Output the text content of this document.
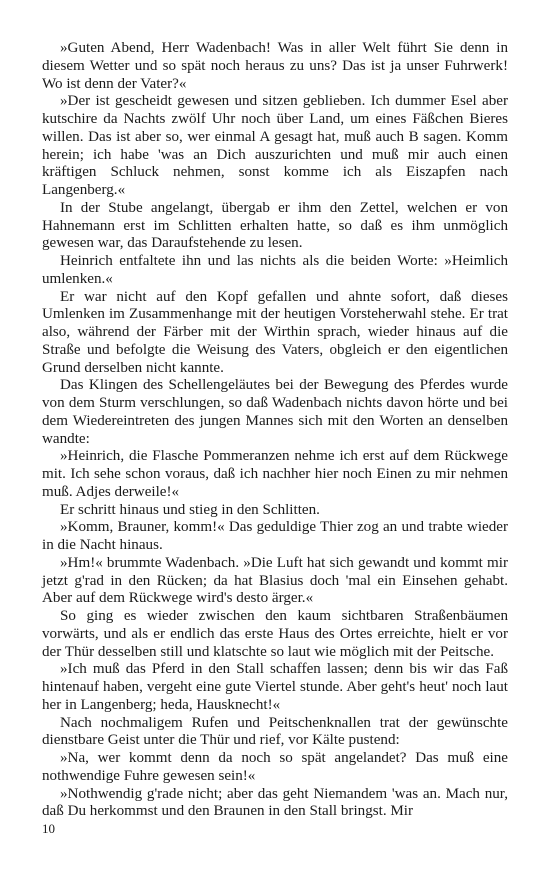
»Guten Abend, Herr Wadenbach! Was in aller Welt führt Sie denn in diesem Wetter und so spät noch heraus zu uns? Das ist ja unser Fuhrwerk! Wo ist denn der Vater?«

»Der ist gescheidt gewesen und sitzen geblieben. Ich dummer Esel aber kutschire da Nachts zwölf Uhr noch über Land, um eines Fäßchen Bieres willen. Das ist aber so, wer einmal A gesagt hat, muß auch B sagen. Komm herein; ich habe 'was an Dich auszurichten und muß mir auch einen kräftigen Schluck nehmen, sonst komme ich als Eiszapfen nach Langenberg.«

In der Stube angelangt, übergab er ihm den Zettel, welchen er von Hahnemann erst im Schlitten erhalten hatte, so daß es ihm unmöglich gewesen war, das Daraufstehende zu lesen.

Heinrich entfaltete ihn und las nichts als die beiden Worte: »Heimlich umlenken.«

Er war nicht auf den Kopf gefallen und ahnte sofort, daß dieses Umlenken im Zusammenhange mit der heutigen Vorsteherwahl stehe. Er trat also, während der Färber mit der Wirthin sprach, wieder hinaus auf die Straße und befolgte die Weisung des Vaters, obgleich er den eigentlichen Grund derselben nicht kannte.

Das Klingen des Schellengeläutes bei der Bewegung des Pferdes wurde von dem Sturm verschlungen, so daß Wadenbach nichts davon hörte und bei dem Wiedereintreten des jungen Mannes sich mit den Worten an denselben wandte:

»Heinrich, die Flasche Pommeranzen nehme ich erst auf dem Rückwege mit. Ich sehe schon voraus, daß ich nachher hier noch Einen zu mir nehmen muß. Adjes derweile!«

Er schritt hinaus und stieg in den Schlitten.

»Komm, Brauner, komm!« Das geduldige Thier zog an und trabte wieder in die Nacht hinaus.

»Hm!« brummte Wadenbach. »Die Luft hat sich gewandt und kommt mir jetzt g'rad in den Rücken; da hat Blasius doch 'mal ein Einsehen gehabt. Aber auf dem Rückwege wird's desto ärger.«

So ging es wieder zwischen den kaum sichtbaren Straßenbäumen vorwärts, und als er endlich das erste Haus des Ortes erreichte, hielt er vor der Thür desselben still und klatschte so laut wie möglich mit der Peitsche.

»Ich muß das Pferd in den Stall schaffen lassen; denn bis wir das Faß hintenauf haben, vergeht eine gute Viertel stunde. Aber geht's heut' noch laut her in Langenberg; heda, Hausknecht!«

Nach nochmaligem Rufen und Peitschenknallen trat der gewünschte dienstbare Geist unter die Thür und rief, vor Kälte pustend:

»Na, wer kommt denn da noch so spät angelandet? Das muß eine nothwendige Fuhre gewesen sein!«

»Nothwendig g'rade nicht; aber das geht Niemandem 'was an. Mach nur, daß Du herkommst und den Braunen in den Stall bringst. Mir

10
